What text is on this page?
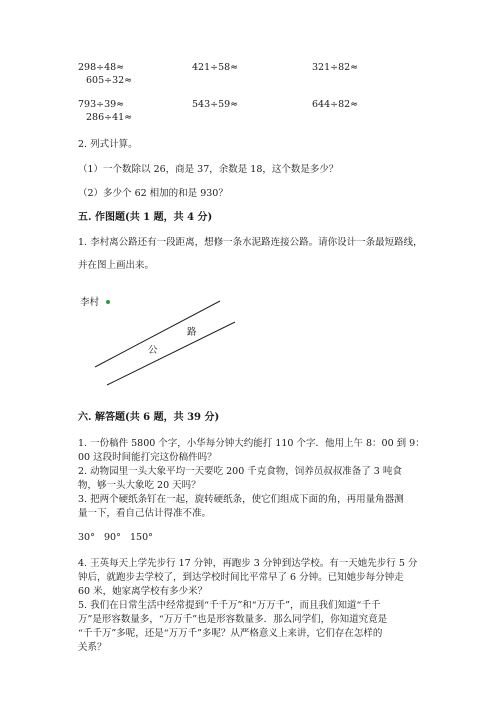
298÷48≈	421÷58≈	321÷82≈
605÷32≈
793÷39≈	543÷59≈	644÷82≈
286÷41≈
2. 列式计算。
（1）一个数除以 26，商是 37，余数是 18，这个数是多少？
（2）多少个 62 相加的和是 930？
五. 作图题(共 1 题，共 4 分)
1. 李村离公路还有一段距离，想修一条水泥路连接公路。请你设计一条最短路线，
并在图上画出来。
李村
公
路
六. 解答题(共 6 题，共 39 分)
1. 一份稿件 5800 个字，小华每分钟大约能打 110 个字．他用上午 8：00 到 9：
00 这段时间能打完这份稿件吗？
2. 动物园里一头大象平均一天要吃 200 千克食物，饲养员叔叔准备了 3 吨食
物，够一头大象吃 20 天吗？
3. 把两个硬纸条钉在一起，旋转硬纸条，使它们组成下面的角，再用量角器测
量一下，看自己估计得准不准。
30° 90° 150°
4. 王英每天上学先步行 17 分钟，再跑步 3 分钟到达学校。有一天她先步行 5 分
钟后，就跑步去学校了，到达学校时间比平常早了 6 分钟。已知她步每分钟走
60 米，她家离学校有多少米？
5. 我们在日常生活中经常提到“千千万”和“万万千”，而且我们知道“千千
万”是形容数量多，“万万千”也是形容数量多．那么同学们，你知道究竟是
“千千万”多呢，还是“万万千”多呢？从严格意义上来讲，它们存在怎样的
关系？
